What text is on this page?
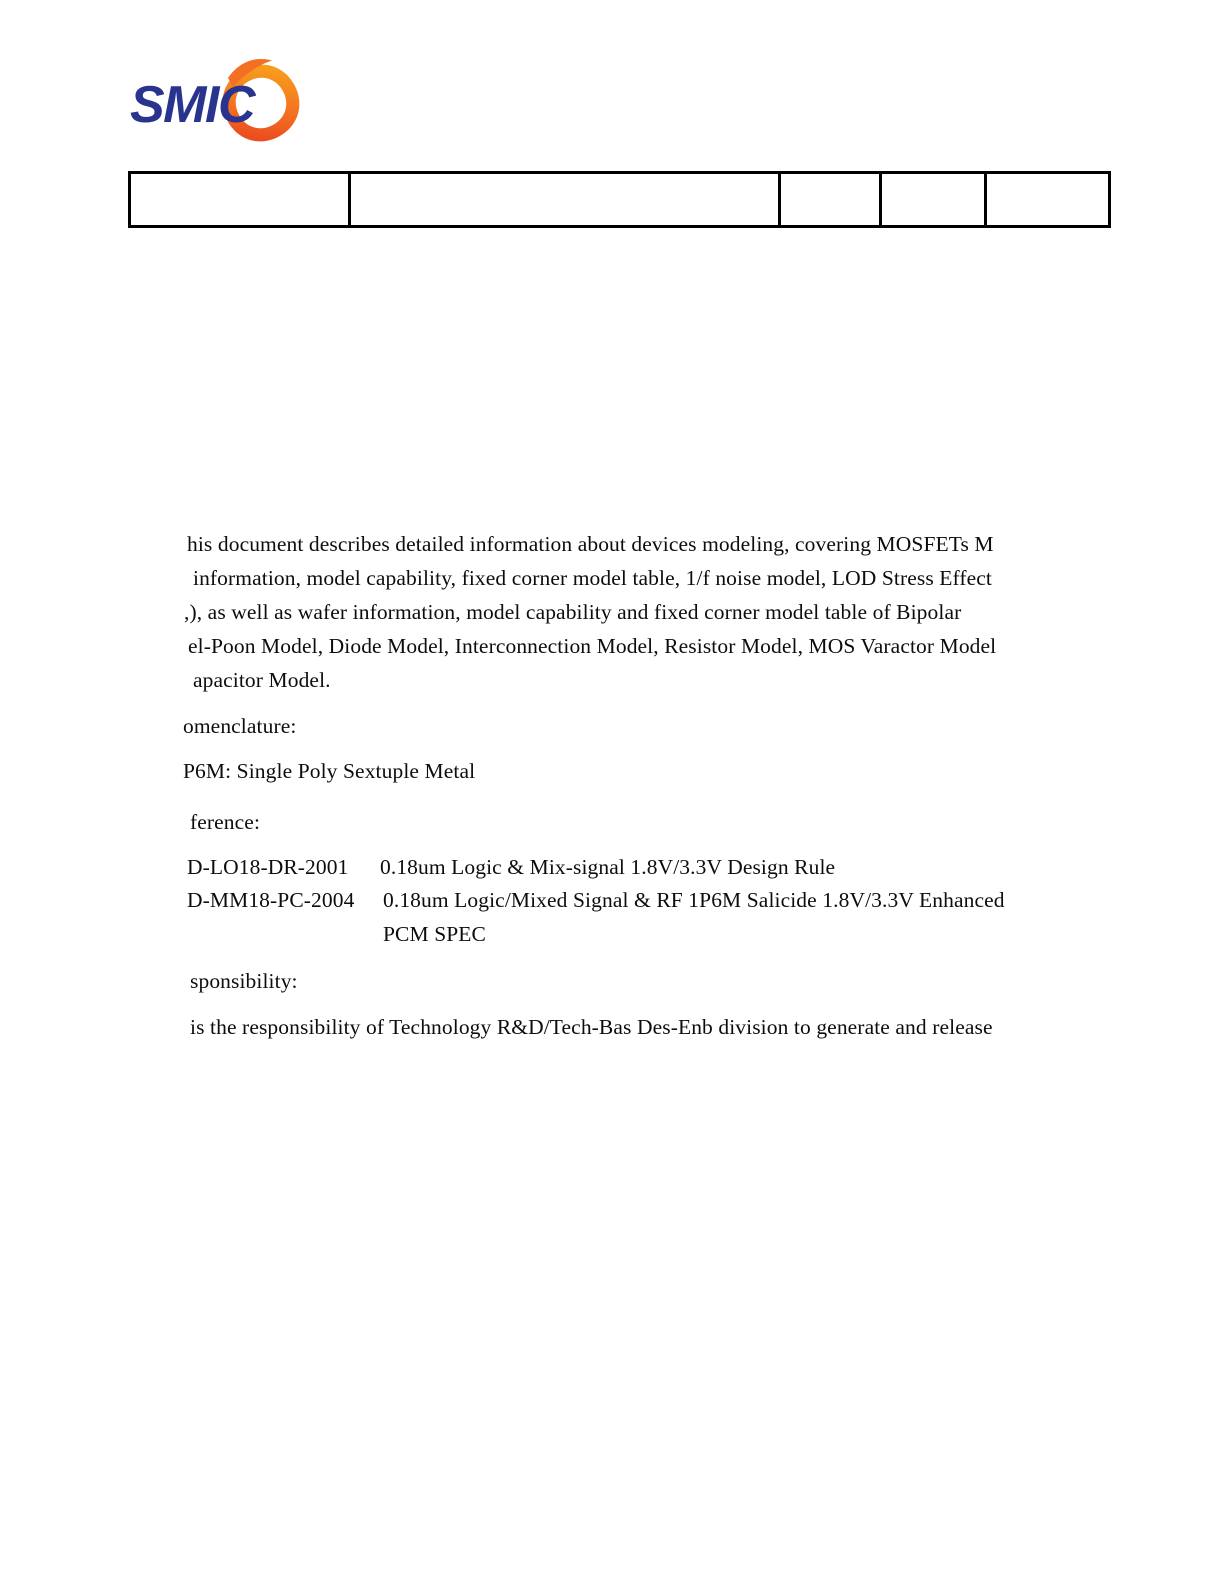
SMIC

his document describes detailed information about devices modeling, covering MOSFETs M
information, model capability, fixed corner model table, 1/f noise model, LOD Stress Effect
,), as well as wafer information, model capability and fixed corner model table of Bipolar
el-Poon Model, Diode Model, Interconnection Model, Resistor Model, MOS Varactor Model
apacitor Model.
omenclature:
P6M: Single Poly Sextuple Metal
ference:
D-LO18-DR-2001 0.18um Logic & Mix-signal 1.8V/3.3V Design Rule
D-MM18-PC-2004 0.18um Logic/Mixed Signal & RF 1P6M Salicide 1.8V/3.3V Enhanced
PCM SPEC
sponsibility:
is the responsibility of Technology R&D/Tech-Bas Des-Enb division to generate and release
